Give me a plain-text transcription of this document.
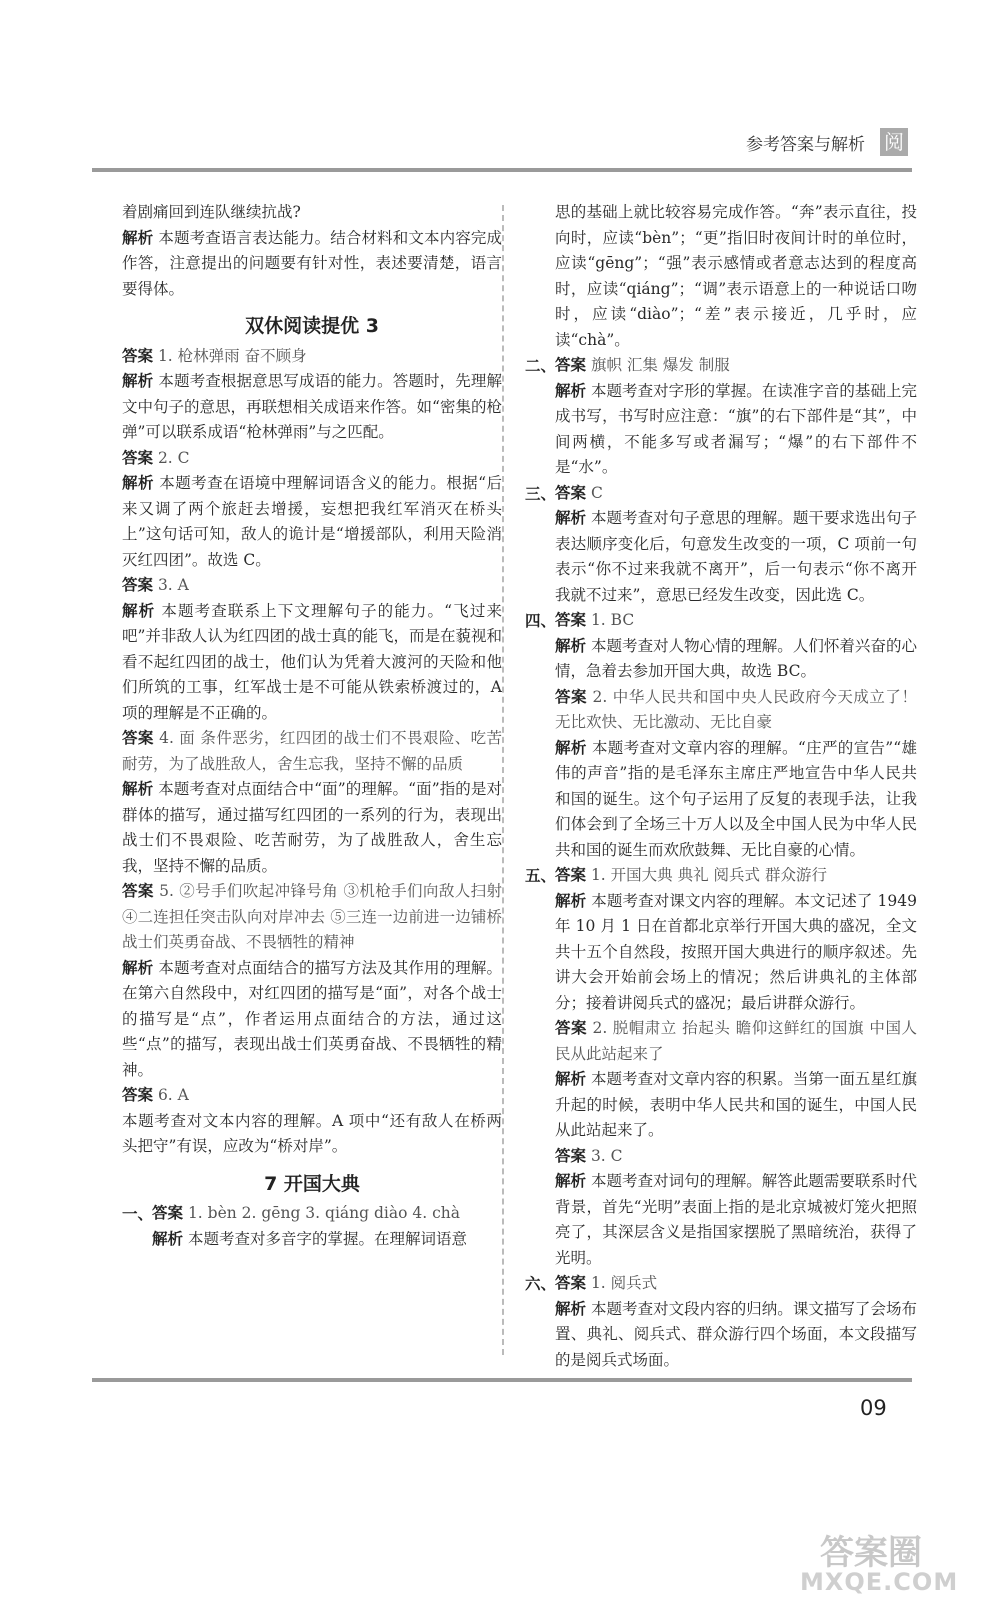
参考答案与解析 阅

着剧痛回到连队继续抗战?

解析 本题考查语言表达能力。结合材料和文本内容完成作答，注意提出的问题要有针对性，表述要清楚，语言要得体。

双休阅读提优 3

答案 1. 枪林弹雨 奋不顾身

解析 本题考查根据意思写成语的能力。答题时，先理解文中句子的意思，再联想相关成语来作答。如“密集的枪弹”可以联系成语“枪林弹雨”与之匹配。

答案 2. C

解析 本题考查在语境中理解词语含义的能力。根据“后来又调了两个旅赶去增援，妄想把我红军消灭在桥头上”这句话可知，敌人的诡计是“增援部队，利用天险消灭红四团”。故选 C。

答案 3. A

解析 本题考查联系上下文理解句子的能力。“飞过来吧”并非敌人认为红四团的战士真的能飞，而是在藐视和看不起红四团的战士，他们认为凭着大渡河的天险和他们所筑的工事，红军战士是不可能从铁索桥渡过的，A 项的理解是不正确的。

答案 4. 面 条件恶劣，红四团的战士们不畏艰险、吃苦耐劳，为了战胜敌人，舍生忘我，坚持不懈的品质

解析 本题考查对点面结合中“面”的理解。“面”指的是对群体的描写，通过描写红四团的一系列的行为，表现出战士们不畏艰险、吃苦耐劳，为了战胜敌人，舍生忘我，坚持不懈的品质。

答案 5. ②号手们吹起冲锋号角 ③机枪手们向敌人扫射 ④二连担任突击队向对岸冲去 ⑤三连一边前进一边铺桥 战士们英勇奋战、不畏牺牲的精神

解析 本题考查对点面结合的描写方法及其作用的理解。在第六自然段中，对红四团的描写是“面”，对各个战士的描写是“点”，作者运用点面结合的方法，通过这些“点”的描写，表现出战士们英勇奋战、不畏牺牲的精神。

答案 6. A

本题考查对文本内容的理解。A 项中“还有敌人在桥两头把守”有误，应改为“桥对岸”。

7 开国大典
一、
答案 1. bèn 2. gēng 3. qiáng diào 4. chà

解析 本题考查对多音字的掌握。在理解词语意

思的基础上就比较容易完成作答。“奔”表示直往，投向时，应读“bèn”；“更”指旧时夜间计时的单位时，应读“gēng”；“强”表示感情或者意志达到的程度高时，应读“qiáng”；“调”表示语意上的一种说话口吻时，应读“diào”；“差”表示接近，几乎时，应读“chà”。

二、
答案 旗帜 汇集 爆发 制服

解析 本题考查对字形的掌握。在读准字音的基础上完成书写，书写时应注意：“旗”的右下部件是“其”，中间两横，不能多写或者漏写；“爆”的右下部件不是“水”。

三、
答案 C

解析 本题考查对句子意思的理解。题干要求选出句子表达顺序变化后，句意发生改变的一项，C 项前一句表示“你不过来我就不离开”，后一句表示“你不离开我就不过来”，意思已经发生改变，因此选 C。

四、
答案 1. BC

解析 本题考查对人物心情的理解。人们怀着兴奋的心情，急着去参加开国大典，故选 BC。

答案 2. 中华人民共和国中央人民政府今天成立了！ 无比欢快、无比激动、无比自豪

解析 本题考查对文章内容的理解。“庄严的宣告”“雄伟的声音”指的是毛泽东主席庄严地宣告中华人民共和国的诞生。这个句子运用了反复的表现手法，让我们体会到了全场三十万人以及全中国人民为中华人民共和国的诞生而欢欣鼓舞、无比自豪的心情。

五、
答案 1. 开国大典 典礼 阅兵式 群众游行

解析 本题考查对课文内容的理解。本文记述了 1949 年 10 月 1 日在首都北京举行开国大典的盛况，全文共十五个自然段，按照开国大典进行的顺序叙述。先讲大会开始前会场上的情况；然后讲典礼的主体部分；接着讲阅兵式的盛况；最后讲群众游行。

答案 2. 脱帽肃立 抬起头 瞻仰这鲜红的国旗 中国人民从此站起来了

解析 本题考查对文章内容的积累。当第一面五星红旗升起的时候，表明中华人民共和国的诞生，中国人民从此站起来了。

答案 3. C

解析 本题考查对词句的理解。解答此题需要联系时代背景，首先“光明”表面上指的是北京城被灯笼火把照亮了，其深层含义是指国家摆脱了黑暗统治，获得了光明。

六、
答案 1. 阅兵式

解析 本题考查对文段内容的归纳。课文描写了会场布置、典礼、阅兵式、群众游行四个场面，本文段描写的是阅兵式场面。

09
答案圈
MXQE.COM
